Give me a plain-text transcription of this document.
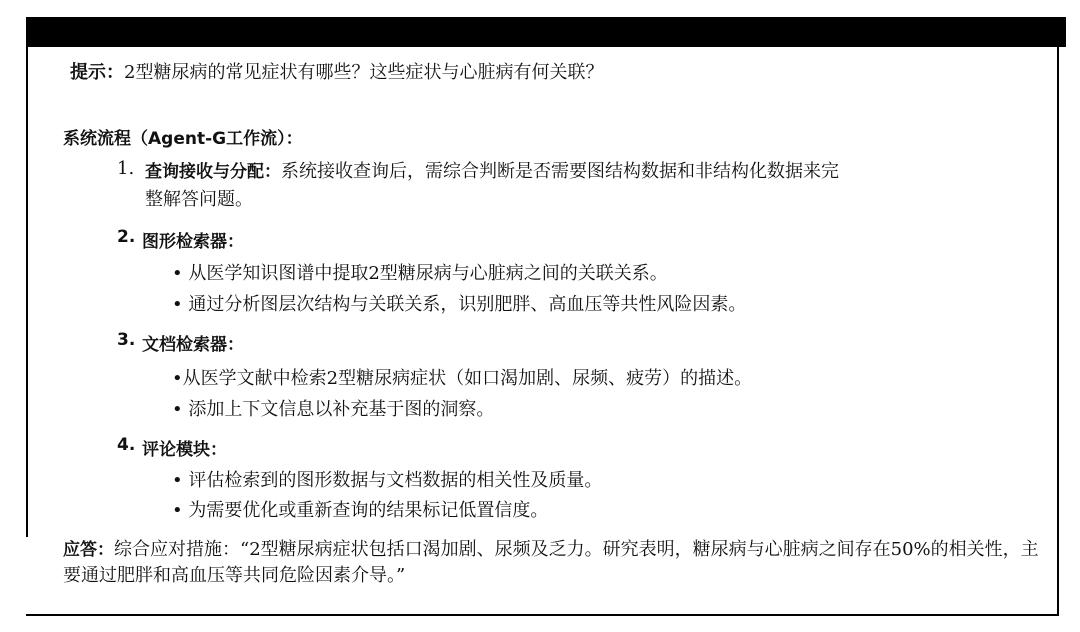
提示：2型糖尿病的常见症状有哪些？这些症状与心脏病有何关联？
系统流程（Agent-G工作流）：
1. 查询接收与分配：系统接收查询后，需综合判断是否需要图结构数据和非结构化数据来完
整解答问题。
2. 图形检索器：
• 从医学知识图谱中提取2型糖尿病与心脏病之间的关联关系。
• 通过分析图层次结构与关联关系，识别肥胖、高血压等共性风险因素。
3. 文档检索器：
•从医学文献中检索2型糖尿病症状（如口渴加剧、尿频、疲劳）的描述。
• 添加上下文信息以补充基于图的洞察。
4. 评论模块：
• 评估检索到的图形数据与文档数据的相关性及质量。
• 为需要优化或重新查询的结果标记低置信度。
应答：综合应对措施：“2型糖尿病症状包括口渴加剧、尿频及乏力。研究表明，糖尿病与心脏病之间存在50%的相关性，主要通过肥胖和高血压等共同危险因素介导。”
